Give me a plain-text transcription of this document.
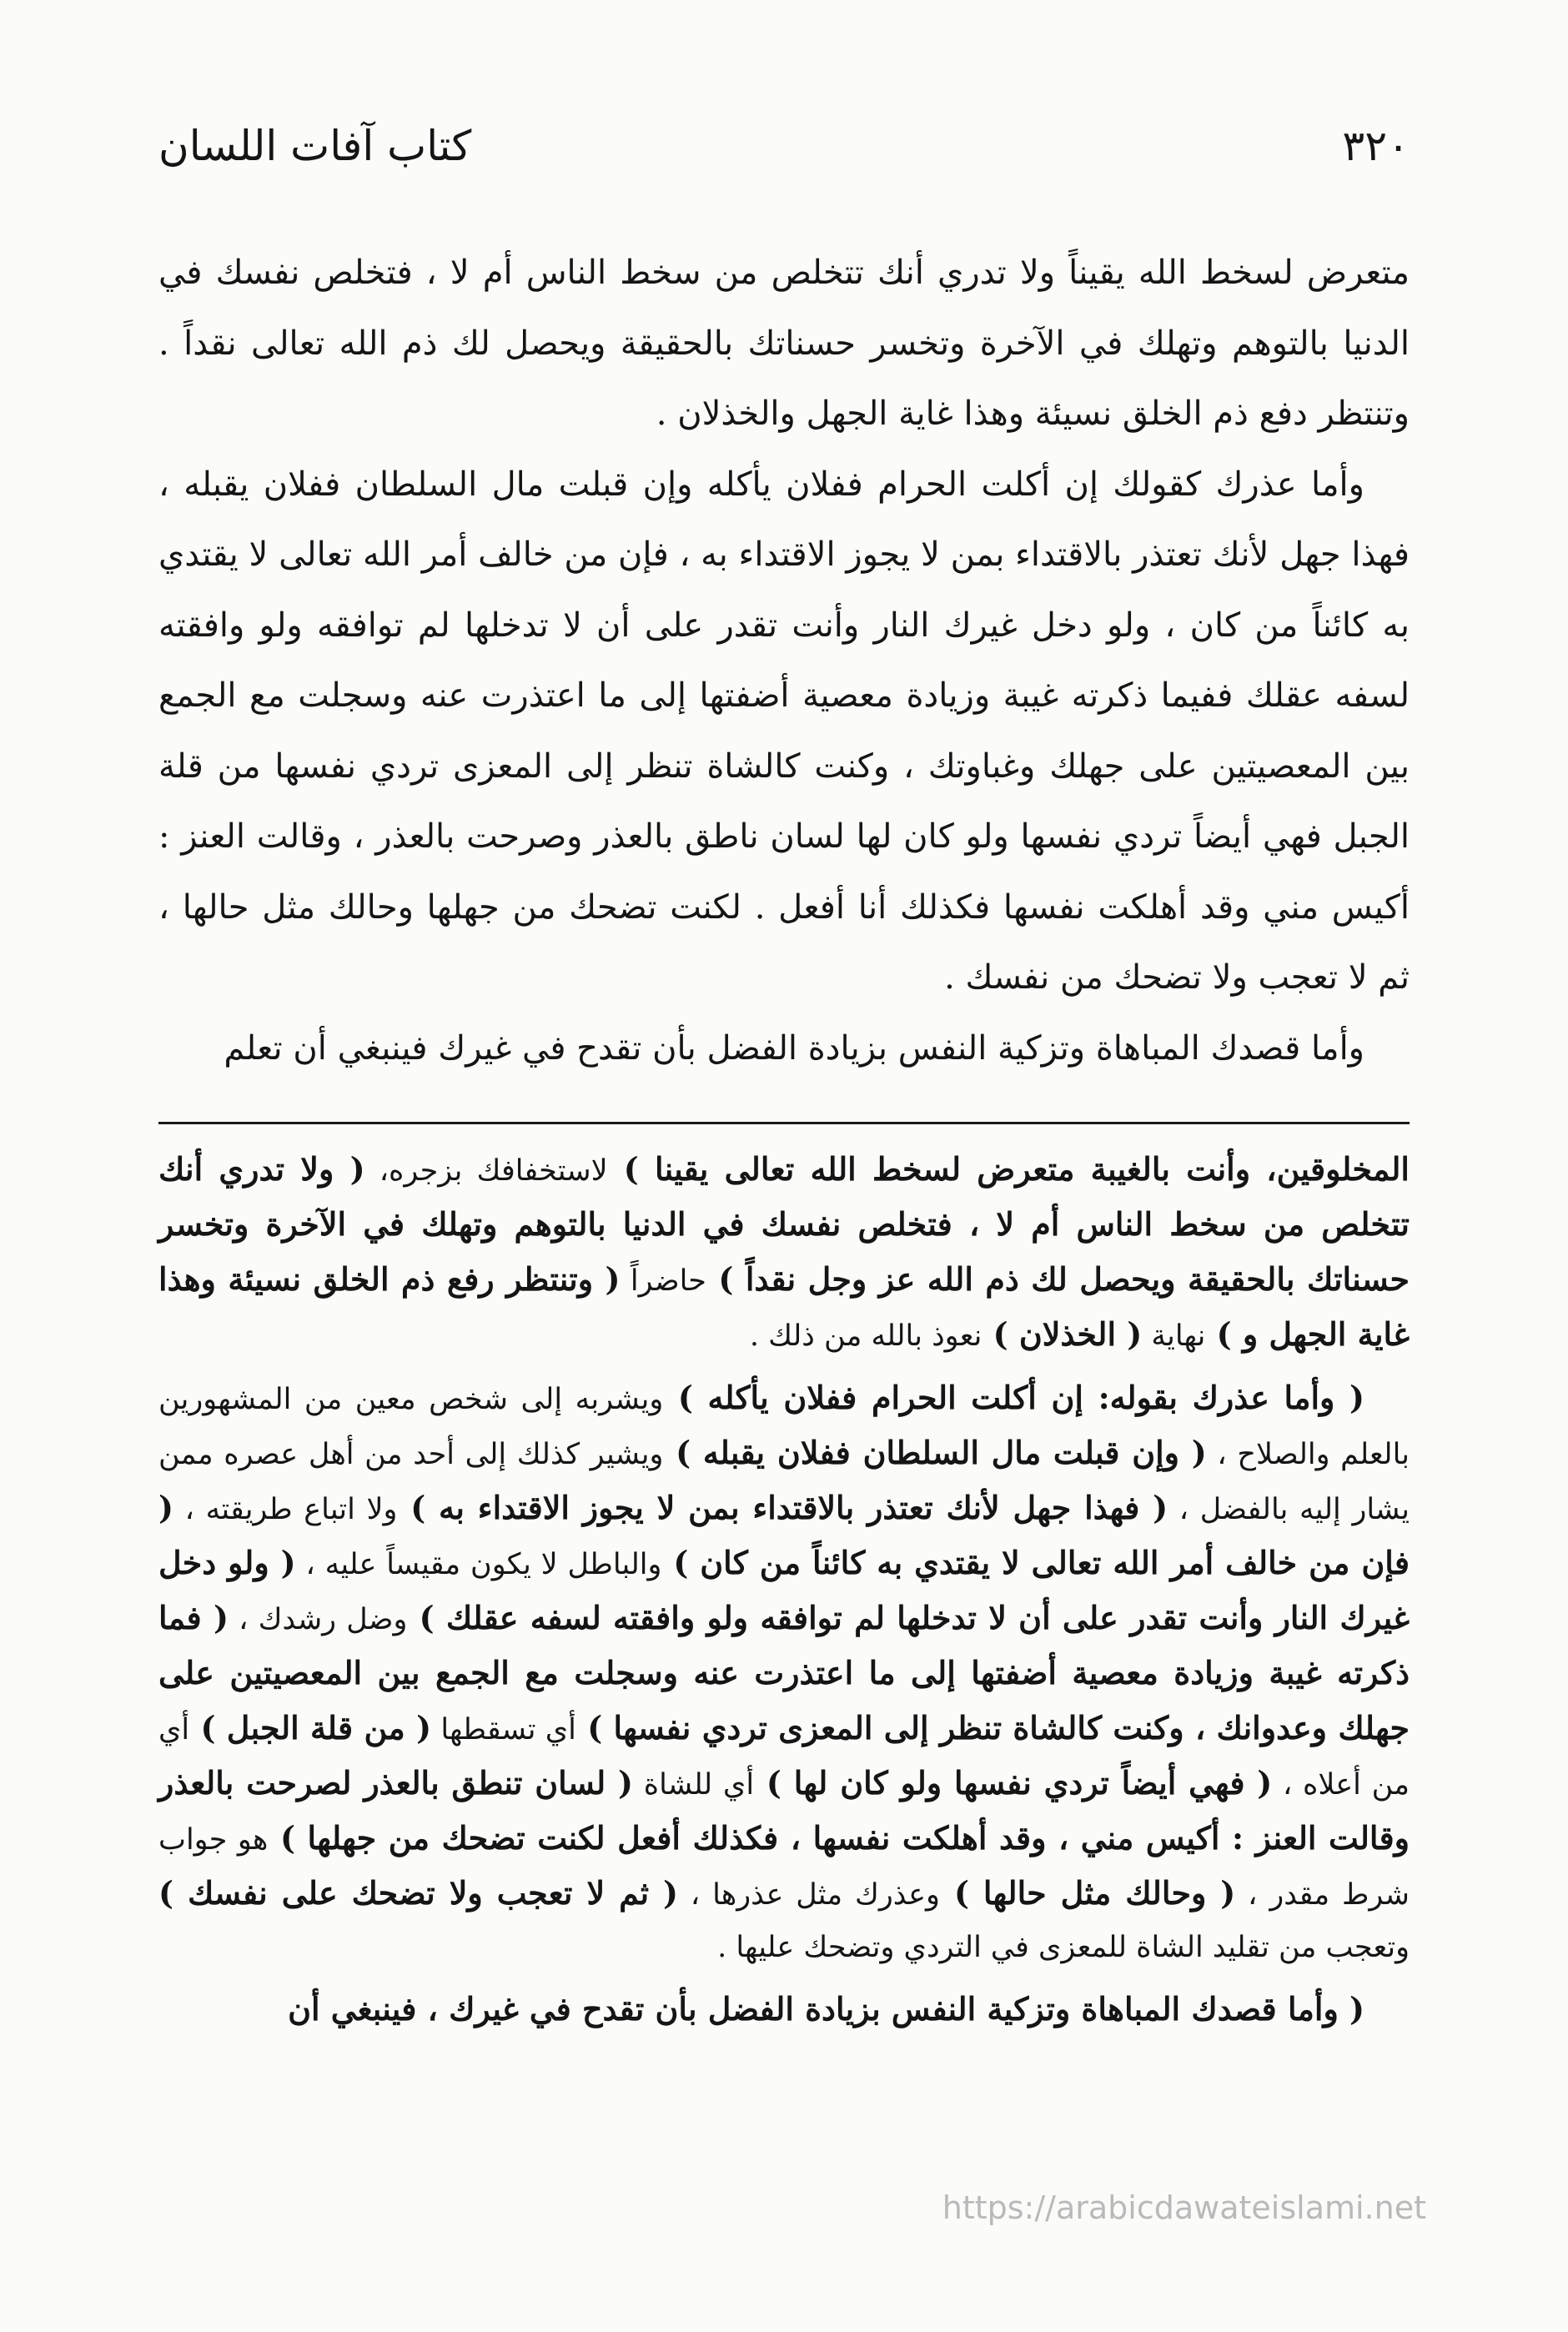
٣٢٠
كتاب آفات اللسان

متعرض لسخط الله يقيناً ولا تدري أنك تتخلص من سخط الناس أم لا ، فتخلص نفسك في الدنيا بالتوهم وتهلك في الآخرة وتخسر حسناتك بالحقيقة ويحصل لك ذم الله تعالى نقداً . وتنتظر دفع ذم الخلق نسيئة وهذا غاية الجهل والخذلان .

وأما عذرك كقولك إن أكلت الحرام ففلان يأكله وإن قبلت مال السلطان ففلان يقبله ، فهذا جهل لأنك تعتذر بالاقتداء بمن لا يجوز الاقتداء به ، فإن من خالف أمر الله تعالى لا يقتدي به كائناً من كان ، ولو دخل غيرك النار وأنت تقدر على أن لا تدخلها لم توافقه ولو وافقته لسفه عقلك ففيما ذكرته غيبة وزيادة معصية أضفتها إلى ما اعتذرت عنه وسجلت مع الجمع بين المعصيتين على جهلك وغباوتك ، وكنت كالشاة تنظر إلى المعزى تردي نفسها من قلة الجبل فهي أيضاً تردي نفسها ولو كان لها لسان ناطق بالعذر وصرحت بالعذر ، وقالت العنز : أكيس مني وقد أهلكت نفسها فكذلك أنا أفعل . لكنت تضحك من جهلها وحالك مثل حالها ، ثم لا تعجب ولا تضحك من نفسك .

وأما قصدك المباهاة وتزكية النفس بزيادة الفضل بأن تقدح في غيرك فينبغي أن تعلم

المخلوقين، وأنت بالغيبة متعرض لسخط الله تعالى يقينا ) لاستخفافك بزجره، ( ولا تدري أنك تتخلص من سخط الناس أم لا ، فتخلص نفسك في الدنيا بالتوهم وتهلك في الآخرة وتخسر حسناتك بالحقيقة ويحصل لك ذم الله عز وجل نقداً ) حاضراً ( وتنتظر رفع ذم الخلق نسيئة وهذا غاية الجهل و ) نهاية ( الخذلان ) نعوذ بالله من ذلك .

( وأما عذرك بقوله: إن أكلت الحرام ففلان يأكله ) ويشربه إلى شخص معين من المشهورين بالعلم والصلاح ، ( وإن قبلت مال السلطان ففلان يقبله ) ويشير كذلك إلى أحد من أهل عصره ممن يشار إليه بالفضل ، ( فهذا جهل لأنك تعتذر بالاقتداء بمن لا يجوز الاقتداء به ) ولا اتباع طريقته ، ( فإن من خالف أمر الله تعالى لا يقتدي به كائناً من كان ) والباطل لا يكون مقيساً عليه ، ( ولو دخل غيرك النار وأنت تقدر على أن لا تدخلها لم توافقه ولو وافقته لسفه عقلك ) وضل رشدك ، ( فما ذكرته غيبة وزيادة معصية أضفتها إلى ما اعتذرت عنه وسجلت مع الجمع بين المعصيتين على جهلك وعدوانك ، وكنت كالشاة تنظر إلى المعزى تردي نفسها ) أي تسقطها ( من قلة الجبل ) أي من أعلاه ، ( فهي أيضاً تردي نفسها ولو كان لها ) أي للشاة ( لسان تنطق بالعذر لصرحت بالعذر وقالت العنز : أكيس مني ، وقد أهلكت نفسها ، فكذلك أفعل لكنت تضحك من جهلها ) هو جواب شرط مقدر ، ( وحالك مثل حالها ) وعذرك مثل عذرها ، ( ثم لا تعجب ولا تضحك على نفسك ) وتعجب من تقليد الشاة للمعزى في التردي وتضحك عليها .

( وأما قصدك المباهاة وتزكية النفس بزيادة الفضل بأن تقدح في غيرك ، فينبغي أن

https://arabicdawateislami.net
